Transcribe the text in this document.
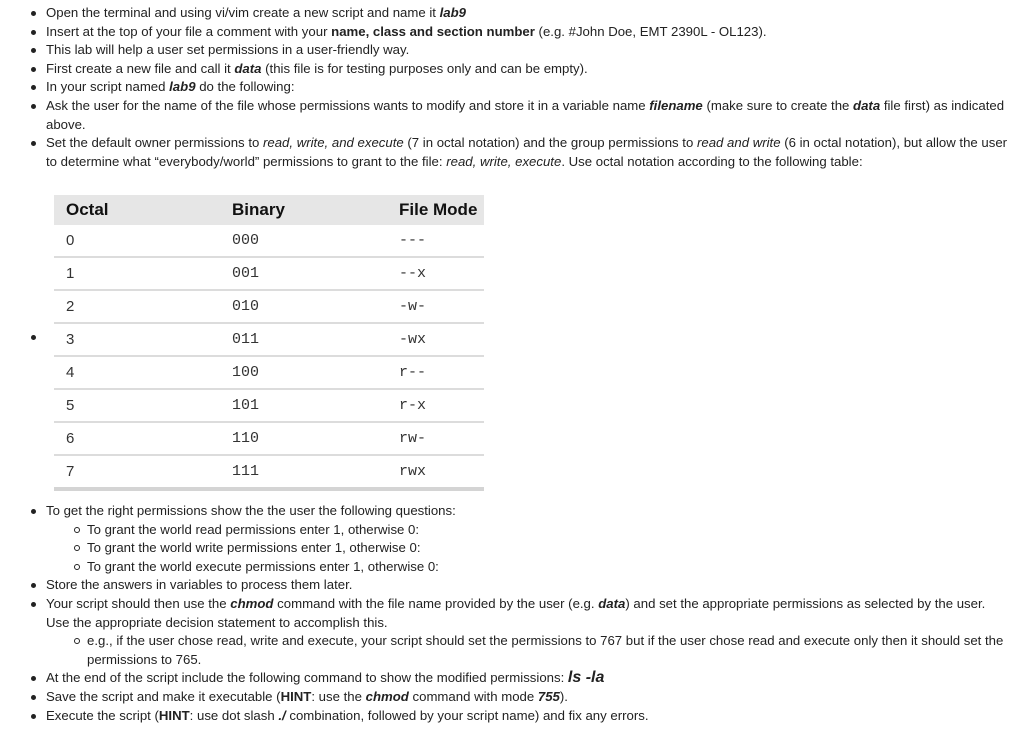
Open the terminal and using vi/vim create a new script and name it lab9
Insert at the top of your file a comment with your name, class and section number (e.g. #John Doe, EMT 2390L - OL123).
This lab will help a user set permissions in a user-friendly way.
First create a new file and call it data (this file is for testing purposes only and can be empty).
In your script named lab9 do the following:
Ask the user for the name of the file whose permissions wants to modify and store it in a variable name filename (make sure to create the data file first) as indicated above.
Set the default owner permissions to read, write, and execute (7 in octal notation) and the group permissions to read and write (6 in octal notation), but allow the user to determine what “everybody/world” permissions to grant to the file: read, write, execute. Use octal notation according to the following table:
Octal	Binary	File Mode
0	000	---
1	001	--x
2	010	-w-
3	011	-wx
4	100	r--
5	101	r-x
6	110	rw-
7	111	rwx
To get the right permissions show the the user the following questions:
To grant the world read permissions enter 1, otherwise 0:
To grant the world write permissions enter 1, otherwise 0:
To grant the world execute permissions enter 1, otherwise 0:
Store the answers in variables to process them later.
Your script should then use the chmod command with the file name provided by the user (e.g. data) and set the appropriate permissions as selected by the user. Use the appropriate decision statement to accomplish this.
e.g., if the user chose read, write and execute, your script should set the permissions to 767 but if the user chose read and execute only then it should set the permissions to 765.
At the end of the script include the following command to show the modified permissions: ls -la
Save the script and make it executable (HINT: use the chmod command with mode 755).
Execute the script (HINT: use dot slash ./ combination, followed by your script name) and fix any errors.
